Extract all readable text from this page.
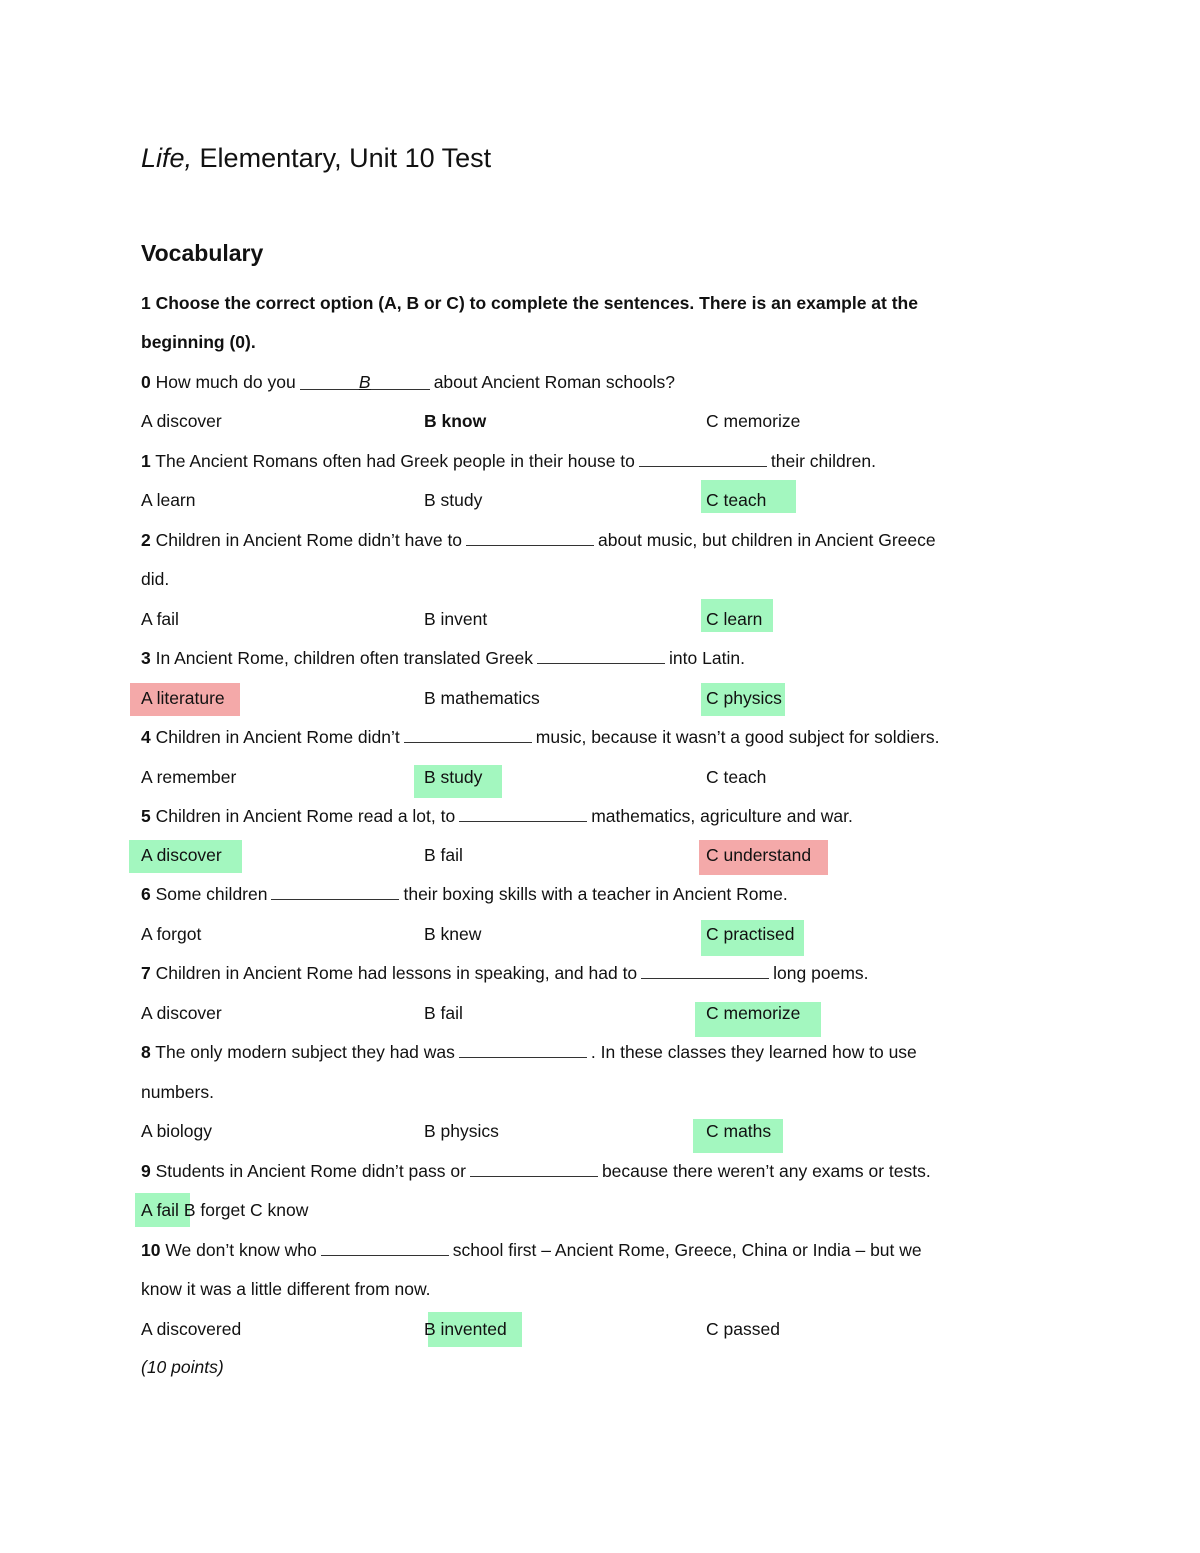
Life, Elementary, Unit 10 Test
Vocabulary
1 Choose the correct option (A, B or C) to complete the sentences. There is an example at the
beginning (0).
0 How much do you	B	about Ancient Roman schools?
A discover	B know	C memorize
1 The Ancient Romans often had Greek people in their house to	their children.
A learn	B study	C teach
2 Children in Ancient Rome didn’t have to	about music, but children in Ancient Greece
did.
A fail	B invent	C learn
3 In Ancient Rome, children often translated Greek	into Latin.
A literature	B mathematics	C physics
4 Children in Ancient Rome didn’t	music, because it wasn’t a good subject for soldiers.
A remember	B study	C teach
5 Children in Ancient Rome read a lot, to	mathematics, agriculture and war.
A discover	B fail	C understand
6 Some children	their boxing skills with a teacher in Ancient Rome.
A forgot	B knew	C practised
7 Children in Ancient Rome had lessons in speaking, and had to	long poems.
A discover	B fail	C memorize
8 The only modern subject they had was	. In these classes they learned how to use
numbers.
A biology	B physics	C maths
9 Students in Ancient Rome didn’t pass or	because there weren’t any exams or tests.
A fail B forget C know
10 We don’t know who	school first – Ancient Rome, Greece, China or India – but we
know it was a little different from now.
A discovered	B invented	C passed
(10 points)
